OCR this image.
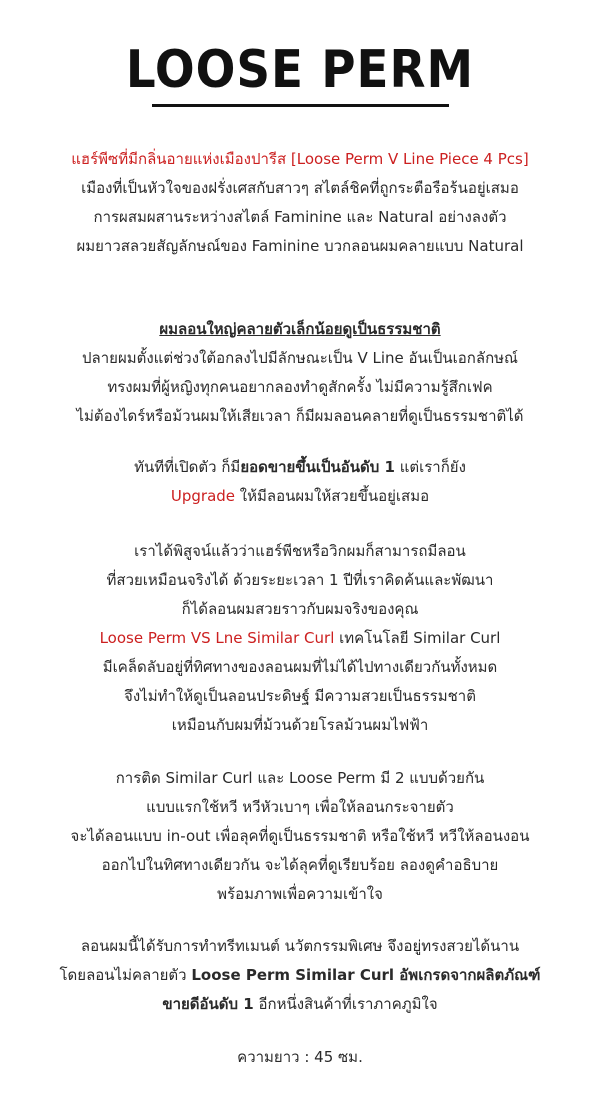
LOOSE PERM
แฮร์พีซที่มีกลิ่นอายแห่งเมืองปารีส [Loose Perm V Line Piece 4 Pcs]
เมืองที่เป็นหัวใจของฝรั่งเศสกับสาวๆ สไตล์ชิคที่ถูกระตือรือร้นอยู่เสมอ
การผสมผสานระหว่างสไตล์ Faminine และ Natural อย่างลงตัว
ผมยาวสลวยสัญลักษณ์ของ Faminine บวกลอนผมคลายแบบ Natural
ผมลอนใหญ่คลายตัวเล็กน้อยดูเป็นธรรมชาติ
ปลายผมตั้งแต่ช่วงใต้อกลงไปมีลักษณะเป็น V Line อันเป็นเอกลักษณ์
ทรงผมที่ผู้หญิงทุกคนอยากลองทำดูสักครั้ง ไม่มีความรู้สึกเฟค
ไม่ต้องไดร์หรือม้วนผมให้เสียเวลา ก็มีผมลอนคลายที่ดูเป็นธรรมชาติได้
ทันทีที่เปิดตัว ก็มียอดขายขึ้นเป็นอันดับ 1 แต่เราก็ยัง
Upgrade ให้มีลอนผมให้สวยขึ้นอยู่เสมอ
เราได้พิสูจน์แล้วว่าแฮร์พีชหรือวิกผมก็สามารถมีลอน
ที่สวยเหมือนจริงได้ ด้วยระยะเวลา 1 ปีที่เราคิดค้นและพัฒนา
ก็ได้ลอนผมสวยราวกับผมจริงของคุณ
Loose Perm VS Lne Similar Curl เทคโนโลยี Similar Curl
มีเคล็ดลับอยู่ที่ทิศทางของลอนผมที่ไม่ได้ไปทางเดียวกันทั้งหมด
จึงไม่ทำให้ดูเป็นลอนประดิษฐ์ มีความสวยเป็นธรรมชาติ
เหมือนกับผมที่ม้วนด้วยโรลม้วนผมไฟฟ้า
การติด Similar Curl และ Loose Perm มี 2 แบบด้วยกัน
แบบแรกใช้หวี หวีหัวเบาๆ เพื่อให้ลอนกระจายตัว
จะได้ลอนแบบ in-out เพื่อลุคที่ดูเป็นธรรมชาติ หรือใช้หวี หวีให้ลอนงอน
ออกไปในทิศทางเดียวกัน จะได้ลุคที่ดูเรียบร้อย ลองดูคำอธิบาย
พร้อมภาพเพื่อความเข้าใจ
ลอนผมนี้ได้รับการทำทรีทเมนต์ นวัตกรรมพิเศษ จึงอยู่ทรงสวยได้นาน
โดยลอนไม่คลายตัว Loose Perm Similar Curl อัพเกรดจากผลิตภัณฑ์
ขายดีอันดับ 1 อีกหนึ่งสินค้าที่เราภาคภูมิใจ
ความยาว : 45 ซม.
